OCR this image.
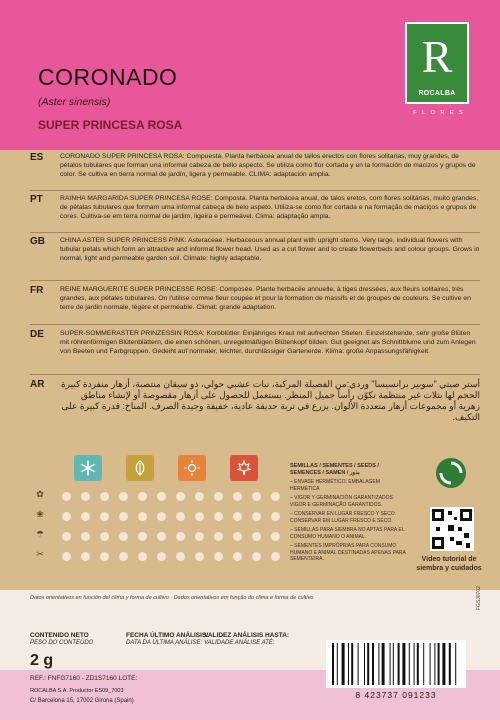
CORONADO
(Aster sinensis)
SUPER PRINCESA ROSA
R
ROCALBA
F L O R E S
ES CORONADO SUPER PRINCESA ROSA: Compuesta. Planta herbácea anual de tallos erectos con flores solitarias, muy grandes, de pétalos tubulares que forman una informal cabeza de bello aspecto. Se utiliza como flor cortada y en la formación de macizos y grupos de color. Se cultiva en tierra normal de jardín, ligera y permeable. CLIMA: adaptación amplia.
PT	RAINHA MARGARIDA SUPER PRINCESA ROSE: Composta. Planta herbácea anual, de talos eretos, com flores solitárias, muito grandes, de pétalas tubulares que formam uma informal cabeça de belo aspeto. Utiliza-se como flor cortada e na formação de maciços e grupos de cores. Cultiva-se em terra normal de jardim, ligeira e permeável. Clima: adaptação ampla.
GB CHINA ASTER SUPER PRINCESS PINK: Asteraceae. Herbaceous annual plant with upright stems. Very large, individual flowers with tubular petals which form an attractive and informal flower head. Used as a cut flower and to create flowerbeds and colour groups. Grows in normal, light and permeable garden soil. Climate: highly adaptable.
FR REINE MARGUERITE SUPER PRINCESSE ROSE: Composée. Plante herbacée annuelle, à tiges dressées, aux fleurs solitaires, très grandes, aux pétales tubulaires. On l'utilise comme fleur coupée et pour la formation de massifs et de groupes de couleurs. Se cultive en terre de jardin normale, légère et perméable. Climat: grande adaptation.
DE SUPER-SOMMERASTER PRINZESSIN ROSA: Korbblütler. Einjähriges Kraut mit aufrechten Stielen. Einzelstehende, sehr große Blüten mit röhrenförmigen Blütenblättern, die einen schönen, unregelmäßigen Blütenkopf bilden. Gut geeignet als Schnittblume und zum Anlegen von Beeten und Farbgruppen. Gedeiht auf normaler, leichter, durchlässiger Gartenerde. Klima: große Anpassungsfähigkeit.
AR أستر صيني "سوبير برانسيسا" وردي:من الفصيلة المركبة، نبات عشبي حولي، ذو سيقان منتصبة، أزهار منفردة كبيرة الحجم لها بتلات غير منتظمة تكوّن رأساً جميل المنظر. يستعمل للحصول على أزهار مقصوصة أو لإنشاء مناطق زهرية أو مجموعات أزهار متعددة الألوان. يزرع في تربة حديقة عادية، خفيفة وجيدة الصرف. المناخ: قدرة كبيرة على التكيف.
✿
❀
☂
✂
SEMILLAS / SEMENTES / SEEDS / SEMENCES / SAMEN / بذور
– ENVASE HERMÉTICO. EMBALAGEM HERMÉTICA
– VIGOR Y GERMINACIÓN GARANTIZADOS. VIGOR E GERMINAÇÃO GARANTIDOS.
– CONSERVAR EN LUGAR FRESCO Y SECO. CONSERVAR EM LUGAR FRESCO E SECO.
– SEMILLAS PARA SIEMBRA NO APTAS PARA EL CONSUMO HUMANO O ANIMAL.
– SEMENTES IMPRÓPRIAS PARA CONSUMO HUMANO E ANIMAL DESTINADAS APENAS PARA SEMENTEIRA.	Vídeo tutorial de
siembra y cuidados
Datos orientativos en función del clima y forma de cultivo · Dados orientativos em função do clima e forma de cultivo
CONTENIDO NETO
PESO DO CONTEÚDO
2 g
FECHA ÚLTIMO ANÁLISIS:
DATA DA ÚLTIMA ANÁLISE:
VALIDEZ ANÁLISIS HASTA:
VALIDADE ANÁLISE ATÉ:
REF.: FNFG7160 - ZD1S7160 LOTE:
ROCALBA S.A. Productor ES09_7003
C/ Barcelona 15, 17002 Girona (Spain)
8 423737 091233
FGSJ0702
